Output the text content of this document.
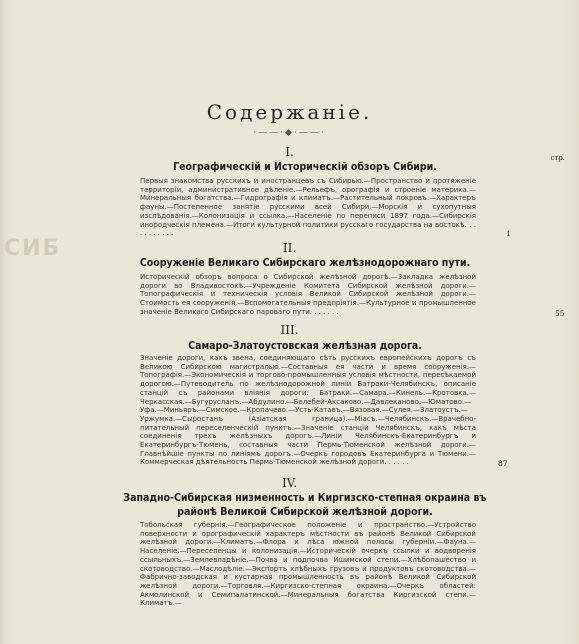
СИБ
Содержаніе.
·——·◆·——·
стр.
I.
Географическій и Историческій обзоръ Сибири.
Первыя знакомства русскихъ и иностранцевъ съ Сибирью.—Пространство и протяженіе территоріи, административное дѣленіе.—Рельефъ, орографія и строеніе материка.—Минеральныя богатства.—Гидрографія и климатъ.—Растительный покровъ.—Характеръ фауны.—Постепенное занятіе русскими всей Сибири.—Морскія и сухопутныя изслѣдованія.—Колонизація и ссылка.—Населеніе по переписи 1897 года.—Сибирскія инородческія племена.—Итоги культурной политики русскаго государства на востокѣ. . . . . . . . . . .	1
II.
Сооруженіе Великаго Сибирскаго желѣзнодорожнаго пути.
Историческій обзоръ вопроса о Сибирской желѣзной дорогѣ.—Закладка желѣзной дороги во Владивостокѣ.—Учрежденіе Комитета Сибирской желѣзной дороги.—Топографическія и техническія условія Великой Сибирской желѣзной дороги.—Стоимость ея сооруженія.—Вспомогательныя предпріятія.—Культурное и промышленное значеніе Великаго Сибирскаго пароваго пути. . . . . . .	55
III.
Самаро-Златоустовская желѣзная дорога.
Значеніе дороги, какъ звена, соединяющаго сѣть русскихъ европейскихъ дорогъ съ Великою Сибирскою магистралью.—Составныя ея части и время сооруженія.—Топографія.—Экономическія и торгово-промышленныя условія мѣстности, пересѣкаемой дорогою.—Путеводитель по желѣзнодорожной линіи Батраки-Челябинскъ, описаніе станцій съ районами вліянія дороги: Батраки.—Самара.—Кинель.—Кротовка.—Черкасская.—Бугурусланъ.—Абдулино.—Белебей-Аксаково.—Давлеканово.—Юматово.—Уфа.—Миньяръ.—Симское.—Кропачево.—Усть-Катавъ.—Вязовая.—Сулея.—Златоустъ.—Уржумка.—Сыростанъ (Азіатская граница).—Міасъ.—Челябинскъ.—Врачебно-питательный переселенческій пунктъ.—Значеніе станціи Челябинскъ, какъ мѣста соединенія трехъ желѣзныхъ дорогъ.—Линіи Челябинскъ-Екатеринбургъ и Екатеринбургъ-Тюмень, составныя части Пермь-Тюменской желѣзной дороги.—Главнѣйшіе пункты по линіямъ дорогъ.—Очеркъ городовъ Екатеринбурга и Тюмени.—Коммерческая дѣятельность Пермь-Тюменской желѣзной дороги. . . . . .	87
IV.
Западно-Сибирская низменность и Киргизско-степная окраина въ районѣ Великой Сибирской желѣзной дороги.
Тобольская губернія.—Географическое положеніе и пространство.—Устройство поверхности и орографическій характеръ мѣстности въ районѣ Великой Сибирской желѣзной дороги.—Климатъ.—Флора и лѣса южной полосы губерніи.—Фауна.—Населеніе.—Переселенцы и колонизація.—Историческій очеркъ ссылки и водворенія ссыльныхъ.—Землевладѣніе.—Почва и подпочва Ишимской степи.—Хлѣбопашество и скотоводство.—Маслодѣліе.—Экспортъ хлѣбныхъ грузовъ и продуктовъ скотоводства.—Фабрично-заводская и кустарная промышленность въ районѣ Великой Сибирской желѣзной дороги.—Торговля.—Киргизско-степная окраина.—Очеркъ областей: Акмолинской и Семипалатинской.—Минеральныя богатства Киргизской степи.—Климатъ.—
